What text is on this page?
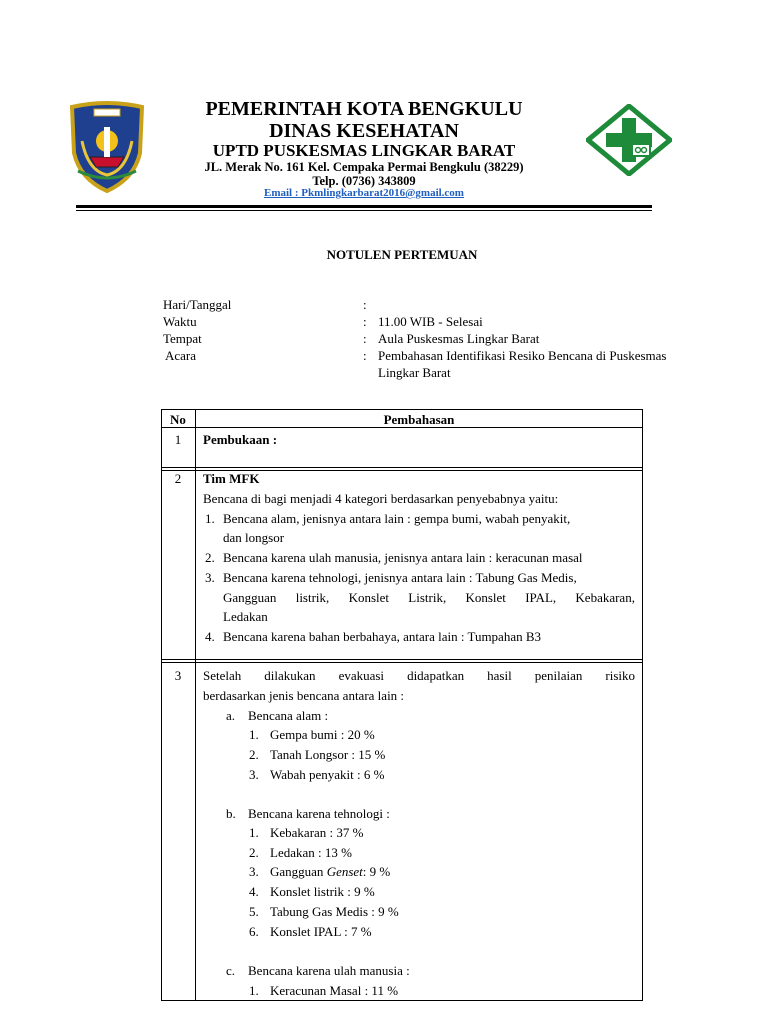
PEMERINTAH KOTA BENGKULU
DINAS KESEHATAN
UPTD PUSKESMAS LINGKAR BARAT
JL. Merak No. 161 Kel. Cempaka Permai Bengkulu (38229)
Telp. (0736) 343809
Email : Pkmlingkarbarat2016@gmail.com
NOTULEN PERTEMUAN
Hari/Tanggal	:
Waktu	: 11.00 WIB - Selesai
Tempat	: Aula Puskesmas Lingkar Barat
Acara	: Pembahasan Identifikasi Resiko Bencana di Puskesmas
Lingkar Barat
No	Pembahasan
1	Pembukaan :
2	Tim MFK
Bencana di bagi menjadi 4 kategori berdasarkan penyebabnya yaitu:
1. Bencana alam, jenisnya antara lain : gempa bumi, wabah penyakit,
dan longsor
2. Bencana karena ulah manusia, jenisnya antara lain : keracunan masal
3. Bencana karena tehnologi, jenisnya antara lain : Tabung Gas Medis,
Gangguan listrik, Konslet Listrik, Konslet IPAL, Kebakaran,
Ledakan
4. Bencana karena bahan berbahaya, antara lain : Tumpahan B3
3	Setelah dilakukan evakuasi didapatkan hasil penilaian risiko
berdasarkan jenis bencana antara lain :
a. Bencana alam :
1. Gempa bumi : 20 %
2. Tanah Longsor : 15 %
3. Wabah penyakit : 6 %
b. Bencana karena tehnologi :
1. Kebakaran : 37 %
2. Ledakan : 13 %
3. Gangguan Genset: 9 %
4. Konslet listrik : 9 %
5. Tabung Gas Medis : 9 %
6. Konslet IPAL : 7 %
c. Bencana karena ulah manusia :
1. Keracunan Masal : 11 %
